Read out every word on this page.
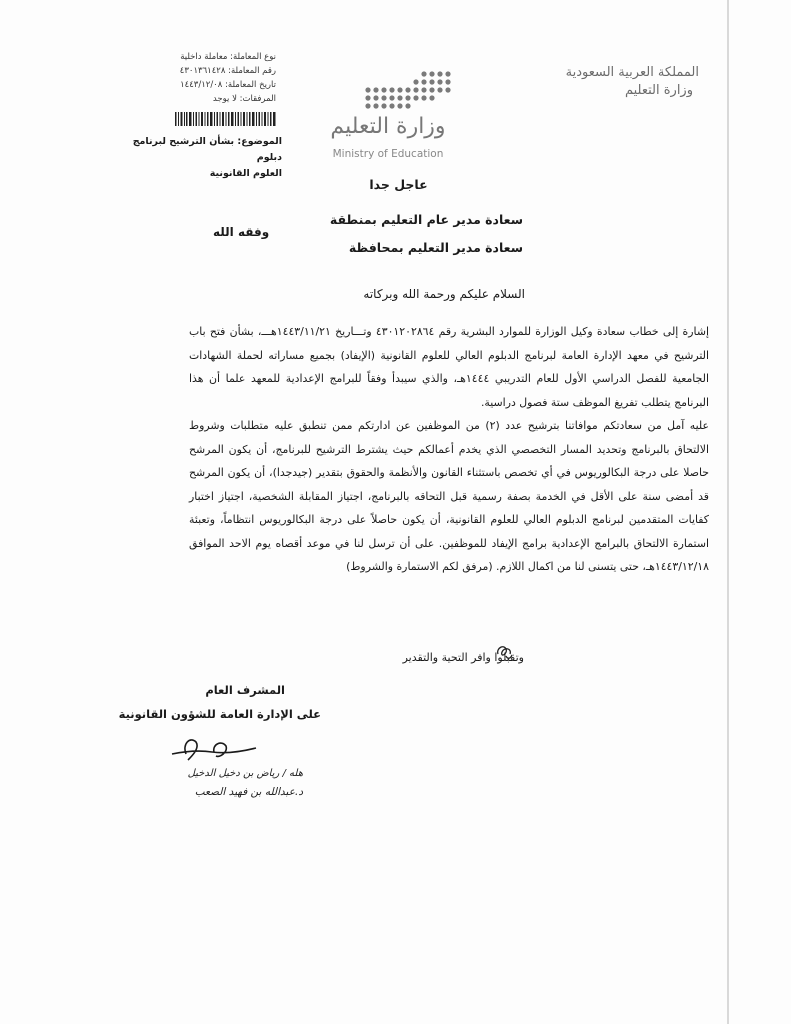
المملكة العربية السعودية
وزارة التعليم
وزارة التعليم
Ministry of Education
نوع المعاملة: معاملة داخلية
رقم المعاملة: ٤٣٠١٣٦١٤٢٨
تاريخ المعاملة: ١٤٤٣/١٢/٠٨
المرفقات: لا يوجد
الموضوع: بشأن الترشيح لبرنامج دبلوم
العلوم القانونية
عاجل جدا
سعادة مدير عام التعليم بمنطقة
سعادة مدير التعليم بمحافظة
وفقه الله
السلام عليكم ورحمة الله وبركاته

إشارة إلى خطاب سعادة وكيل الوزارة للموارد البشرية رقم ٤٣٠١٢٠٢٨٦٤ وتـــاريخ ١٤٤٣/١١/٢١هـــ، بشأن فتح باب الترشيح في معهد الإدارة العامة لبرنامج الدبلوم العالي للعلوم القانونية (الإيفاد) بجميع مساراته لحملة الشهادات الجامعية للفصل الدراسي الأول للعام التدريبي ١٤٤٤هـ، والذي سيبدأ وفقاً للبرامج الإعدادية للمعهد علما أن هذا البرنامج يتطلب تفريغ الموظف ستة فصول دراسية.

عليه آمل من سعادتكم موافاتنا بترشيح عدد (٢) من الموظفين عن ادارتكم ممن تنطبق عليه متطلبات وشروط الالتحاق بالبرنامج وتحديد المسار التخصصي الذي يخدم أعمالكم حيث يشترط الترشيح للبرنامج، أن يكون المرشح حاصلا على درجة البكالوريوس في أي تخصص باستثناء القانون والأنظمة والحقوق بتقدير (جيدجدا)، أن يكون المرشح قد أمضى سنة على الأقل في الخدمة بصفة رسمية قبل التحاقه بالبرنامج، اجتياز المقابلة الشخصية، اجتياز اختبار كفايات المتقدمين لبرنامج الدبلوم العالي للعلوم القانونية، أن يكون حاصلاً على درجة البكالوريوس انتظاماً، وتعبئة استمارة الالتحاق بالبرامج الإعدادية برامج الإيفاد للموظفين. على أن ترسل لنا في موعد أقصاه يوم الاحد الموافق ١٤٤٣/١٢/١٨هـ، حتى يتسنى لنا من اكمال اللازم. (مرفق لكم الاستمارة والشروط)

وتقبلوا وافر التحية والتقدير
المشرف العام
على الإدارة العامة للشؤون القانونية
هله / رياض بن دخيل الدخيل
د.عبدالله بن فهيد الصعب
